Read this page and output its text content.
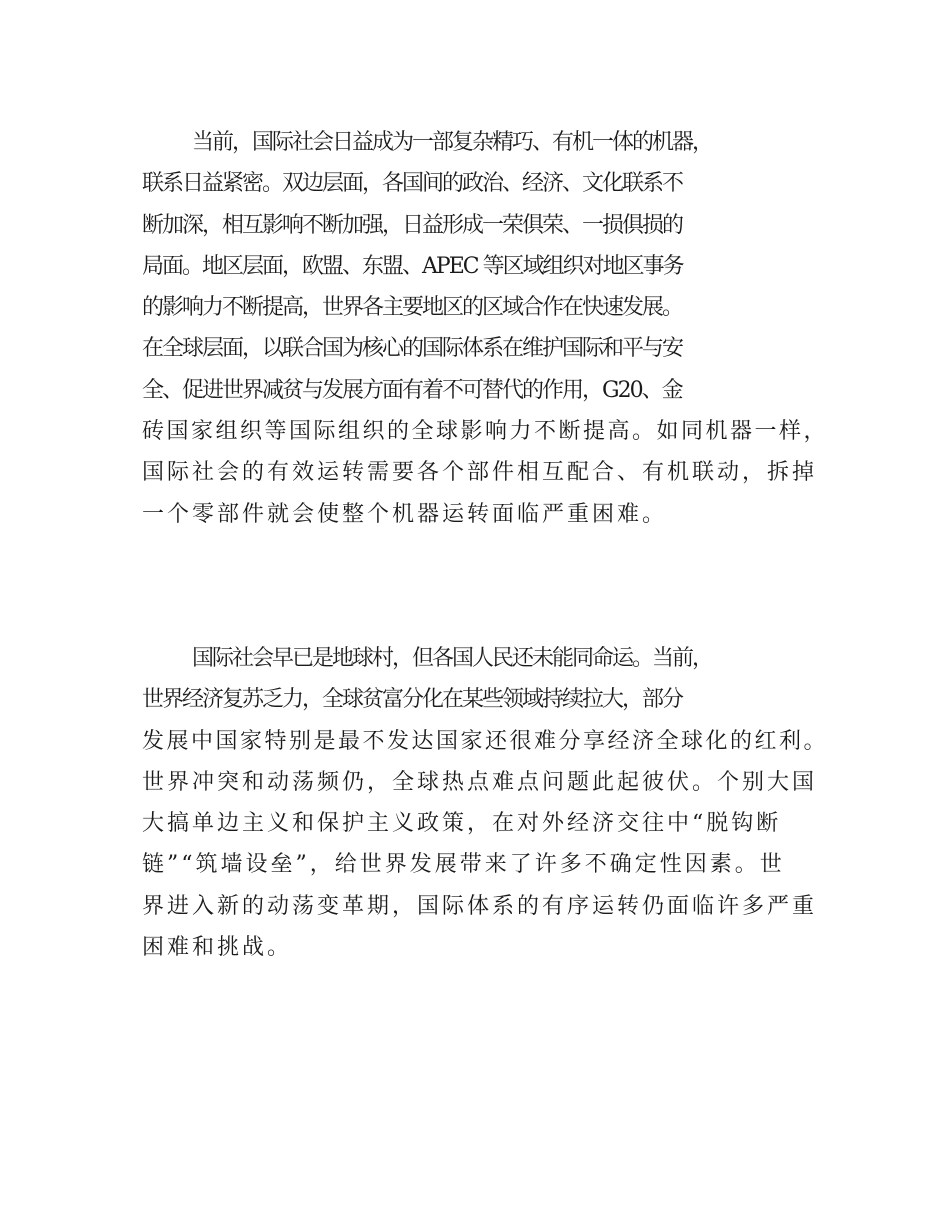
当前，国际社会日益成为一部复杂精巧、有机一体的机器，
联系日益紧密。双边层面，各国间的政治、经济、文化联系不
断加深，相互影响不断加强，日益形成一荣俱荣、一损俱损的
局面。地区层面，欧盟、东盟、APEC 等区域组织对地区事务
的影响力不断提高，世界各主要地区的区域合作在快速发展。
在全球层面，以联合国为核心的国际体系在维护国际和平与安
全、促进世界减贫与发展方面有着不可替代的作用，G20、金
砖国家组织等国际组织的全球影响力不断提高。如同机器一样，
国际社会的有效运转需要各个部件相互配合、有机联动，拆掉
一个零部件就会使整个机器运转面临严重困难。
国际社会早已是地球村，但各国人民还未能同命运。当前，
世界经济复苏乏力，全球贫富分化在某些领域持续拉大，部分
发展中国家特别是最不发达国家还很难分享经济全球化的红利。
世界冲突和动荡频仍，全球热点难点问题此起彼伏。个别大国
大搞单边主义和保护主义政策，在对外经济交往中“脱钩断
链”“筑墙设垒”，给世界发展带来了许多不确定性因素。世
界进入新的动荡变革期，国际体系的有序运转仍面临许多严重
困难和挑战。
